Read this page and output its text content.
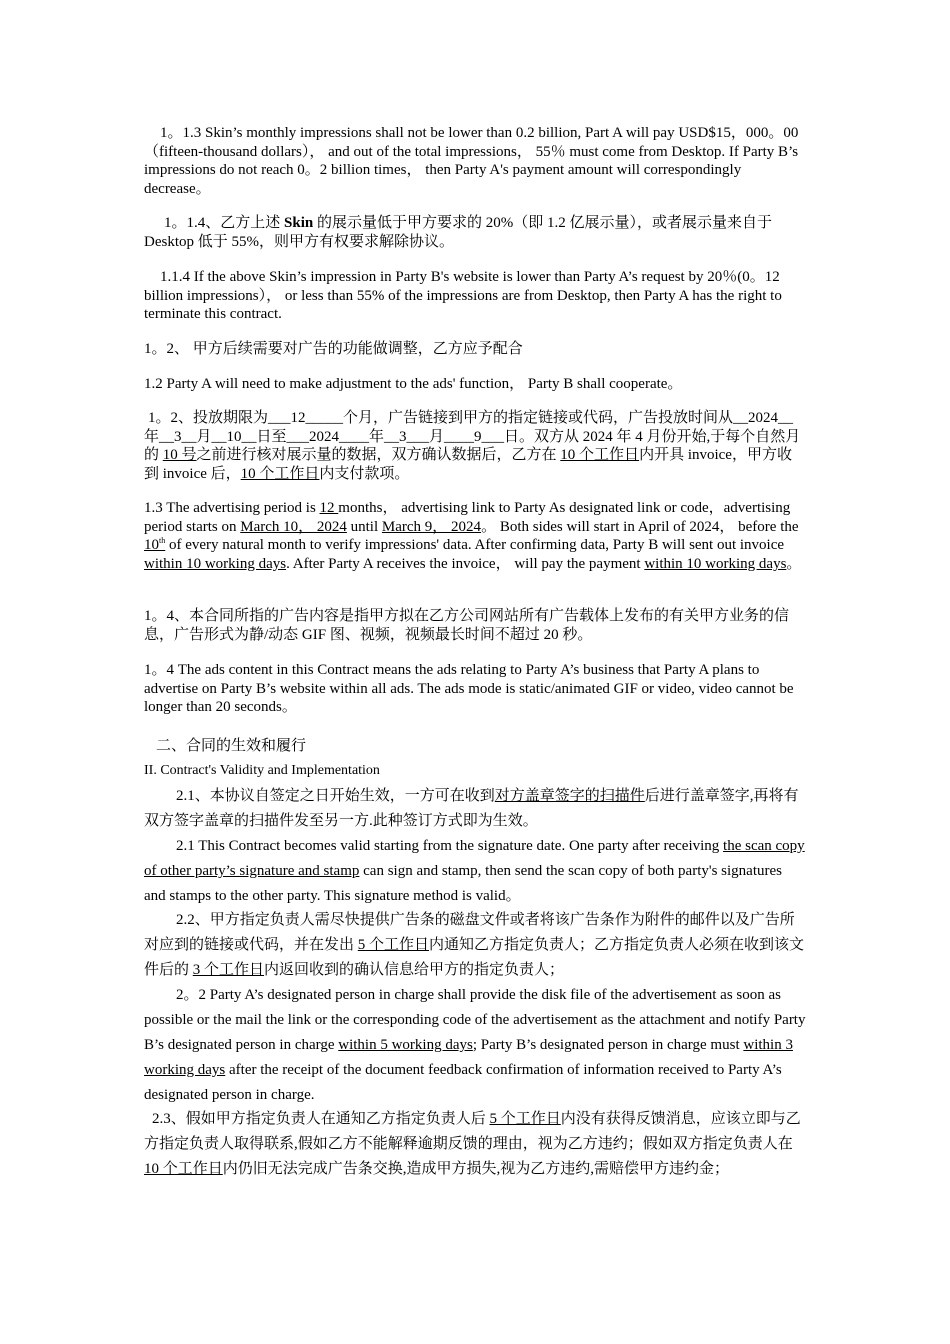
1。1.3 Skin’s monthly impressions shall not be lower than 0.2 billion, Part A will pay USD$15，000。00 （fifteen-thousand dollars）， and out of the total impressions， 55％ must come from Desktop. If Party B’s impressions do not reach 0。2 billion times， then Party A's payment amount will correspondingly decrease。

1。1.4、乙方上述 Skin 的展示量低于甲方要求的 20%（即 1.2 亿展示量），或者展示量来自于 Desktop 低于 55%，则甲方有权要求解除协议。

1.1.4 If the above Skin’s impression in Party B's website is lower than Party A’s request by 20％(0。12 billion impressions）， or less than 55% of the impressions are from Desktop, then Party A has the right to terminate this contract.

1。2、 甲方后续需要对广告的功能做调整，乙方应予配合

1.2 Party A will need to make adjustment to the ads' function， Party B shall cooperate。

1。2、投放期限为___12_____个月，广告链接到甲方的指定链接或代码，广告投放时间从__2024__年__3__月__10__日至___2024____年__3___月____9___日。双方从 2024 年 4 月份开始,于每个自然月的 10 号之前进行核对展示量的数据，双方确认数据后，乙方在 10 个工作日内开具 invoice，甲方收到 invoice 后，10 个工作日内支付款项。

1.3 The advertising period is 12 months， advertising link to Party As designated link or code，advertising period starts on March 10， 2024 until March 9， 2024。 Both sides will start in April of 2024， before the 10th of every natural month to verify impressions' data. After confirming data, Party B will sent out invoice within 10 working days. After Party A receives the invoice， will pay the payment within 10 working days。

1。4、本合同所指的广告内容是指甲方拟在乙方公司网站所有广告载体上发布的有关甲方业务的信息，广告形式为静/动态 GIF 图、视频，视频最长时间不超过 20 秒。

1。4 The ads content in this Contract means the ads relating to Party A’s business that Party A plans to advertise on Party B’s website within all ads. The ads mode is static/animated GIF or video, video cannot be longer than 20 seconds。

二、合同的生效和履行

II. Contract's Validity and Implementation

2.1、本协议自签定之日开始生效，一方可在收到对方盖章签字的扫描件后进行盖章签字,再将有双方签字盖章的扫描件发至另一方.此种签订方式即为生效。

2.1 This Contract becomes valid starting from the signature date. One party after receiving the scan copy of other party’s signature and stamp can sign and stamp, then send the scan copy of both party's signatures and stamps to the other party. This signature method is valid。

2.2、甲方指定负责人需尽快提供广告条的磁盘文件或者将该广告条作为附件的邮件以及广告所对应到的链接或代码，并在发出 5 个工作日内通知乙方指定负责人；乙方指定负责人必须在收到该文件后的 3 个工作日内返回收到的确认信息给甲方的指定负责人；

2。2 Party A’s designated person in charge shall provide the disk file of the advertisement as soon as possible or the mail the link or the corresponding code of the advertisement as the attachment and notify Party B’s designated person in charge within 5 working days; Party B’s designated person in charge must within 3 working days after the receipt of the document feedback confirmation of information received to Party A’s designated person in charge.

2.3、假如甲方指定负责人在通知乙方指定负责人后 5 个工作日内没有获得反馈消息，应该立即与乙方指定负责人取得联系,假如乙方不能解释逾期反馈的理由，视为乙方违约；假如双方指定负责人在 10 个工作日内仍旧无法完成广告条交换,造成甲方损失,视为乙方违约,需赔偿甲方违约金；
